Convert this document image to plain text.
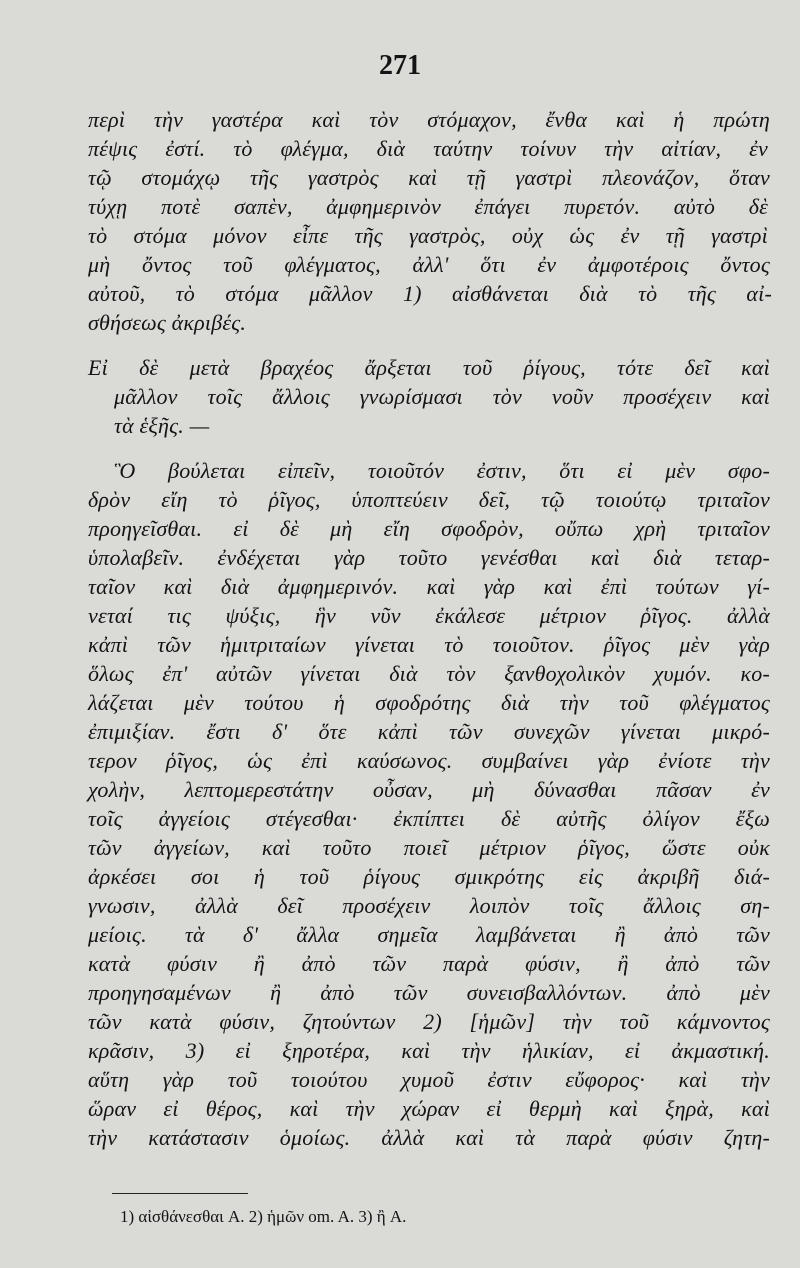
271
περὶ τὴν γαστέρα καὶ τὸν στόμαχον, ἔνθα καὶ ἡ πρώτη
πέψις ἐστί. τὸ φλέγμα, διὰ ταύτην τοίνυν τὴν αἰτίαν, ἐν
τῷ στομάχῳ τῆς γαστρὸς καὶ τῇ γαστρὶ πλεονάζον, ὅταν
τύχῃ ποτὲ σαπὲν, ἀμφημερινὸν ἐπάγει πυρετόν. αὐτὸ δὲ
τὸ στόμα μόνον εἶπε τῆς γαστρὸς, οὐχ ὡς ἐν τῇ γαστρὶ
μὴ ὄντος τοῦ φλέγματος, ἀλλ' ὅτι ἐν ἀμφοτέροις ὄντος
αὐτοῦ, τὸ στόμα μᾶλλον 1) αἰσθάνεται διὰ τὸ τῆς αἰ-
σθήσεως ἀκριβές.
Εἰ δὲ μετὰ βραχέος ἄρξεται τοῦ ῥίγους, τότε δεῖ καὶ
μᾶλλον τοῖς ἄλλοις γνωρίσμασι τὸν νοῦν προσέχειν καὶ
τὰ ἑξῆς. —
Ὃ βούλεται εἰπεῖν, τοιοῦτόν ἐστιν, ὅτι εἰ μὲν σφο-
δρὸν εἴη τὸ ῥῖγος, ὑποπτεύειν δεῖ, τῷ τοιούτῳ τριταῖον
προηγεῖσθαι. εἰ δὲ μὴ εἴη σφοδρὸν, οὔπω χρὴ τριταῖον
ὑπολαβεῖν. ἐνδέχεται γὰρ τοῦτο γενέσθαι καὶ διὰ τεταρ-
ταῖον καὶ διὰ ἀμφημερινόν. καὶ γὰρ καὶ ἐπὶ τούτων γί-
νεταί τις ψύξις, ἣν νῦν ἐκάλεσε μέτριον ῥῖγος. ἀλλὰ
κἀπὶ τῶν ἡμιτριταίων γίνεται τὸ τοιοῦτον. ῥῖγος μὲν γὰρ
ὅλως ἐπ' αὐτῶν γίνεται διὰ τὸν ξανθοχολικὸν χυμόν. κο-
λάζεται μὲν τούτου ἡ σφοδρότης διὰ τὴν τοῦ φλέγματος
ἐπιμιξίαν. ἔστι δ' ὅτε κἀπὶ τῶν συνεχῶν γίνεται μικρό-
τερον ῥῖγος, ὡς ἐπὶ καύσωνος. συμβαίνει γὰρ ἐνίοτε τὴν
χολὴν, λεπτομερεστάτην οὖσαν, μὴ δύνασθαι πᾶσαν ἐν
τοῖς ἀγγείοις στέγεσθαι· ἐκπίπτει δὲ αὐτῆς ὀλίγον ἔξω
τῶν ἀγγείων, καὶ τοῦτο ποιεῖ μέτριον ῥῖγος, ὥστε οὐκ
ἀρκέσει σοι ἡ τοῦ ῥίγους σμικρότης εἰς ἀκριβῆ διά-
γνωσιν, ἀλλὰ δεῖ προσέχειν λοιπὸν τοῖς ἄλλοις ση-
μείοις. τὰ δ' ἄλλα σημεῖα λαμβάνεται ἢ ἀπὸ τῶν
κατὰ φύσιν ἢ ἀπὸ τῶν παρὰ φύσιν, ἢ ἀπὸ τῶν
προηγησαμένων ἢ ἀπὸ τῶν συνεισβαλλόντων. ἀπὸ μὲν
τῶν κατὰ φύσιν, ζητούντων 2) [ἡμῶν] τὴν τοῦ κάμνοντος
κρᾶσιν, 3) εἰ ξηροτέρα, καὶ τὴν ἡλικίαν, εἰ ἀκμαστική.
αὕτη γὰρ τοῦ τοιούτου χυμοῦ ἐστιν εὔφορος· καὶ τὴν
ὥραν εἰ θέρος, καὶ τὴν χώραν εἰ θερμὴ καὶ ξηρὰ, καὶ
τὴν κατάστασιν ὁμοίως. ἀλλὰ καὶ τὰ παρὰ φύσιν ζητη-
1) αἰσθάνεσθαι A. 2) ἡμῶν om. A. 3) ἢ A.
